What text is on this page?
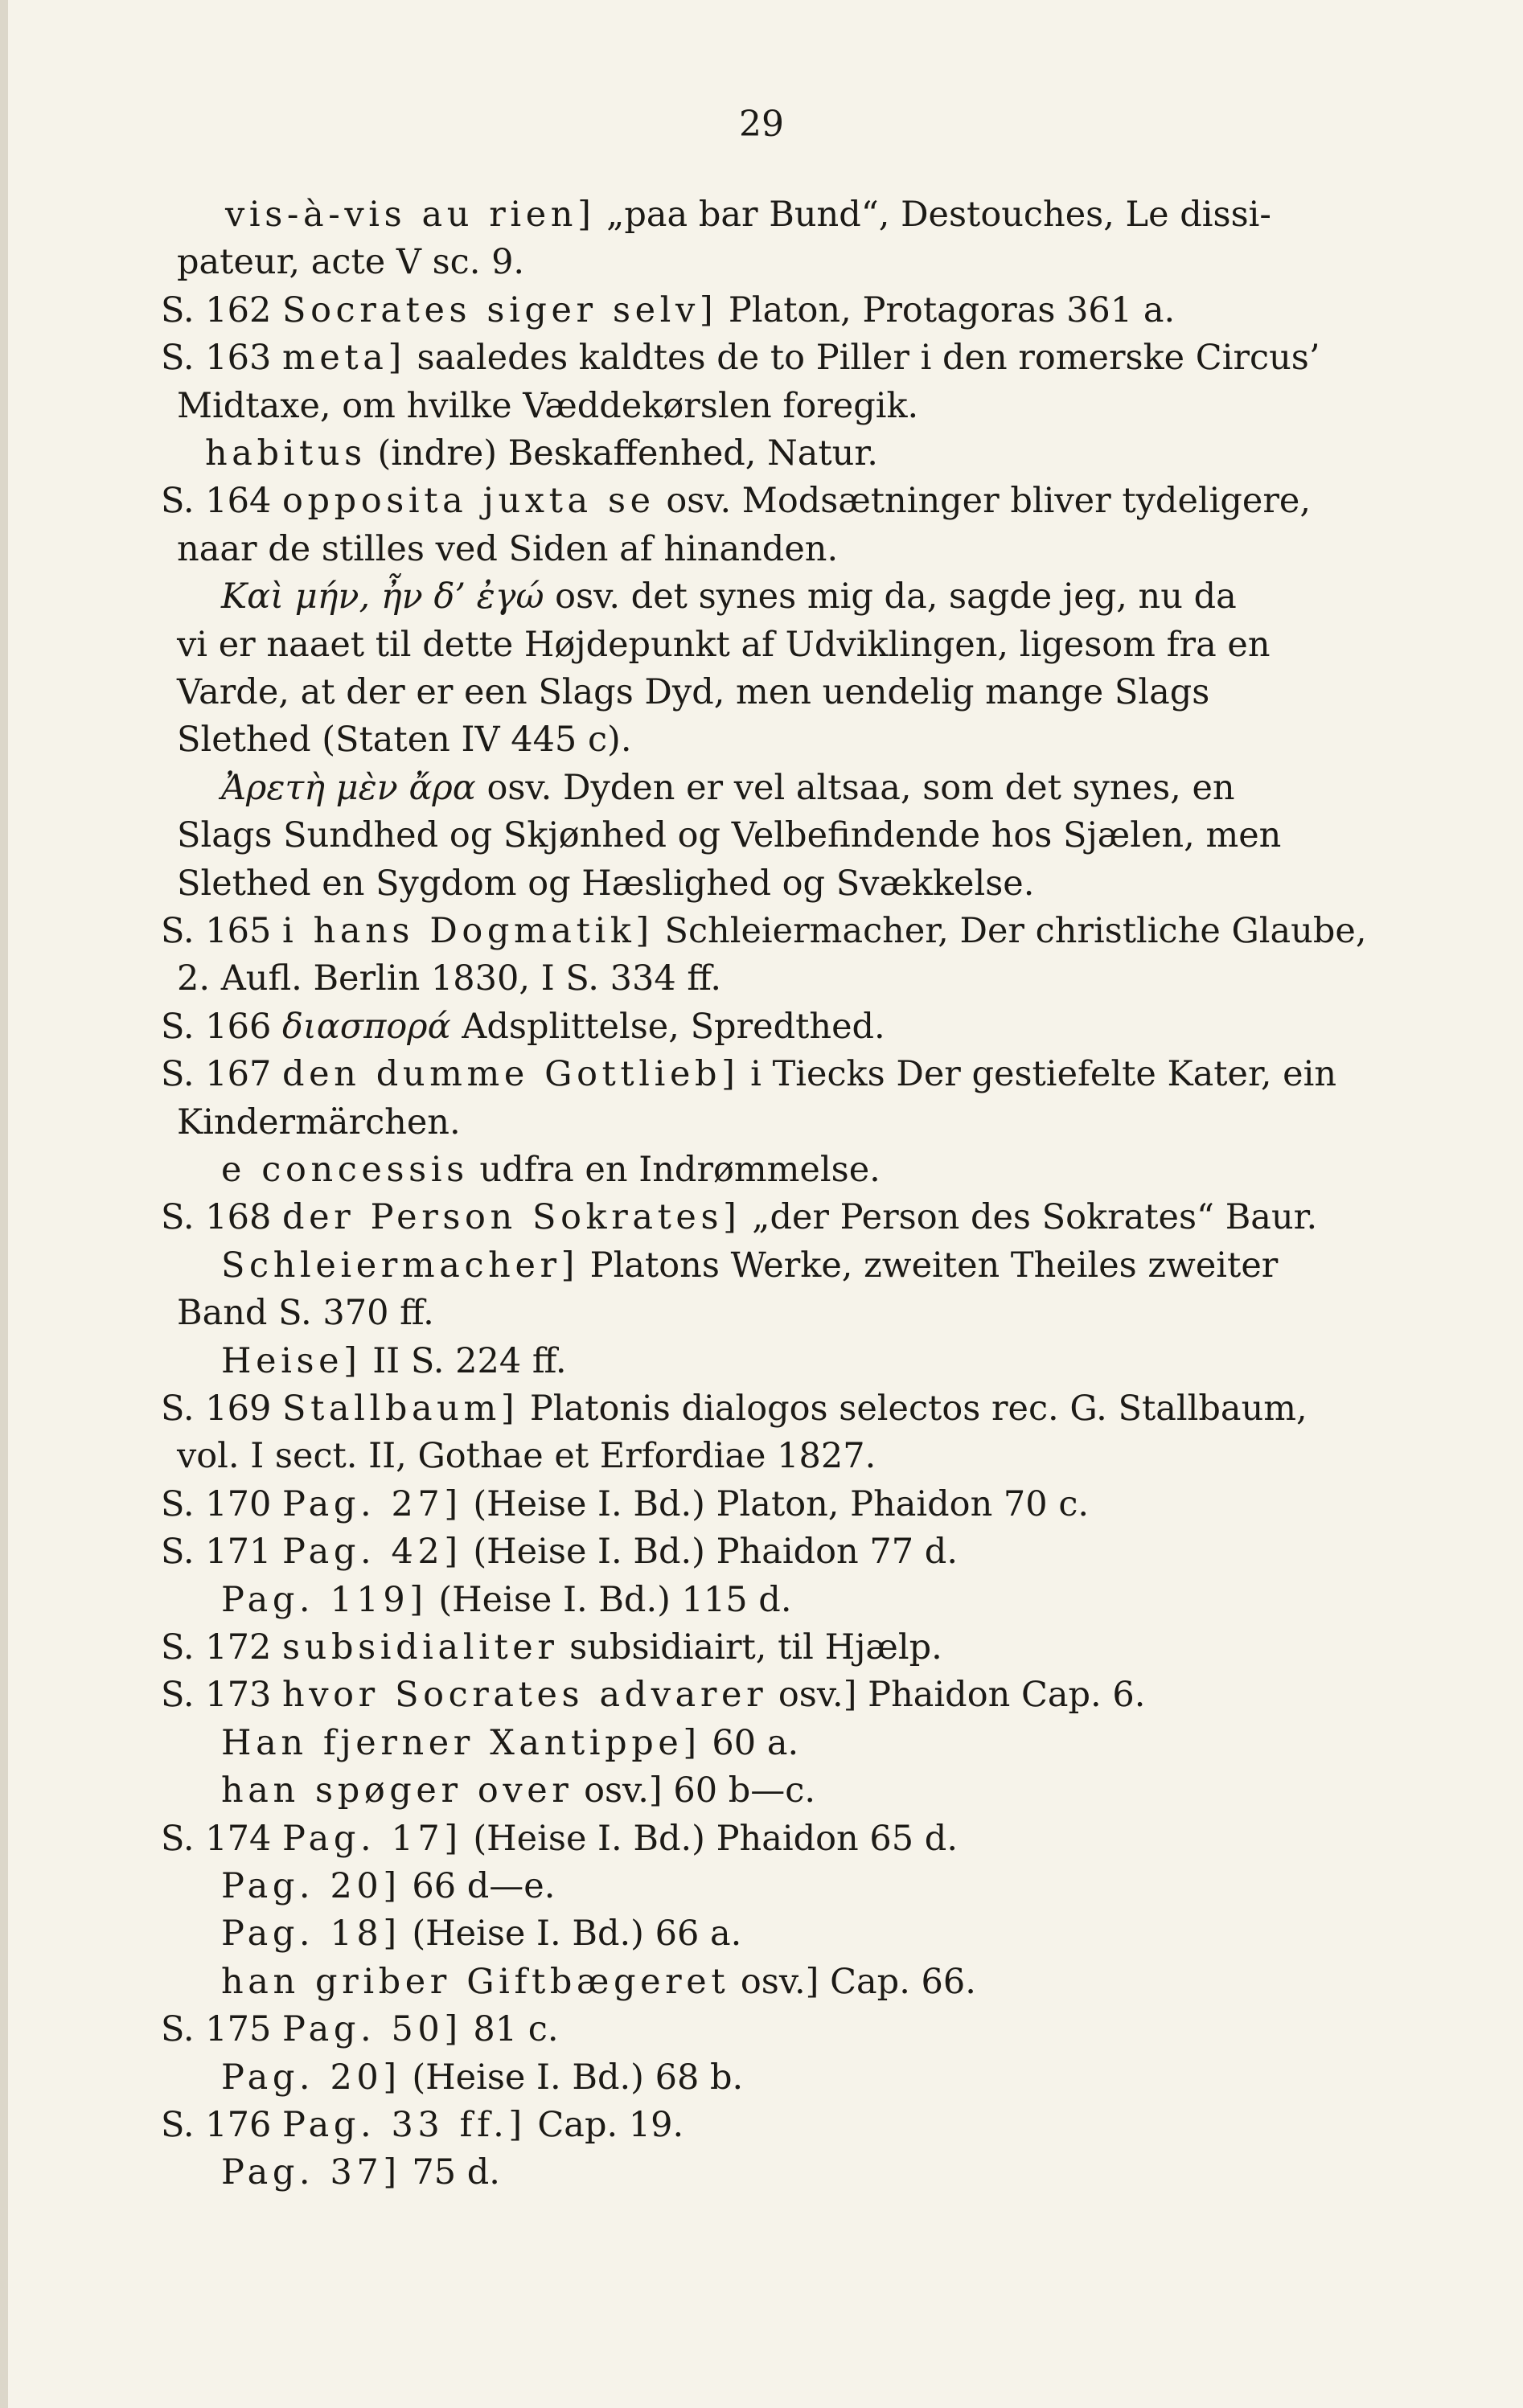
29
vis-à-vis au rien] „paa bar Bund“, Destouches, Le dissi-
pateur, acte V sc. 9.
S. 162 Socrates siger selv] Platon, Protagoras 361 a.
S. 163 meta] saaledes kaldtes de to Piller i den romerske Circus’
Midtaxe, om hvilke Væddekørslen foregik.
habitus (indre) Beskaffenhed, Natur.
S. 164 opposita juxta se osv. Modsætninger bliver tydeligere,
naar de stilles ved Siden af hinanden.
Καὶ μήν, ἦν δ’ ἐγώ osv. det synes mig da, sagde jeg, nu da
vi er naaet til dette Højdepunkt af Udviklingen, ligesom fra en
Varde, at der er een Slags Dyd, men uendelig mange Slags
Slethed (Staten IV 445 c).
Ἀρετὴ μὲν ἄρα osv. Dyden er vel altsaa, som det synes, en
Slags Sundhed og Skjønhed og Velbefindende hos Sjælen, men
Slethed en Sygdom og Hæslighed og Svækkelse.
S. 165 i hans Dogmatik] Schleiermacher, Der christliche Glaube,
2. Aufl. Berlin 1830, I S. 334 ff.
S. 166 διασπορά Adsplittelse, Spredthed.
S. 167 den dumme Gottlieb] i Tiecks Der gestiefelte Kater, ein
Kindermärchen.
e concessis udfra en Indrømmelse.
S. 168 der Person Sokrates] „der Person des Sokrates“ Baur.
Schleiermacher] Platons Werke, zweiten Theiles zweiter
Band S. 370 ff.
Heise] II S. 224 ff.
S. 169 Stallbaum] Platonis dialogos selectos rec. G. Stallbaum,
vol. I sect. II, Gothae et Erfordiae 1827.
S. 170 Pag. 27] (Heise I. Bd.) Platon, Phaidon 70 c.
S. 171 Pag. 42] (Heise I. Bd.) Phaidon 77 d.
Pag. 119] (Heise I. Bd.) 115 d.
S. 172 subsidialiter subsidiairt, til Hjælp.
S. 173 hvor Socrates advarer osv.] Phaidon Cap. 6.
Han fjerner Xantippe] 60 a.
han spøger over osv.] 60 b—c.
S. 174 Pag. 17] (Heise I. Bd.) Phaidon 65 d.
Pag. 20] 66 d—e.
Pag. 18] (Heise I. Bd.) 66 a.
han griber Giftbægeret osv.] Cap. 66.
S. 175 Pag. 50] 81 c.
Pag. 20] (Heise I. Bd.) 68 b.
S. 176 Pag. 33 ff.] Cap. 19.
Pag. 37] 75 d.
